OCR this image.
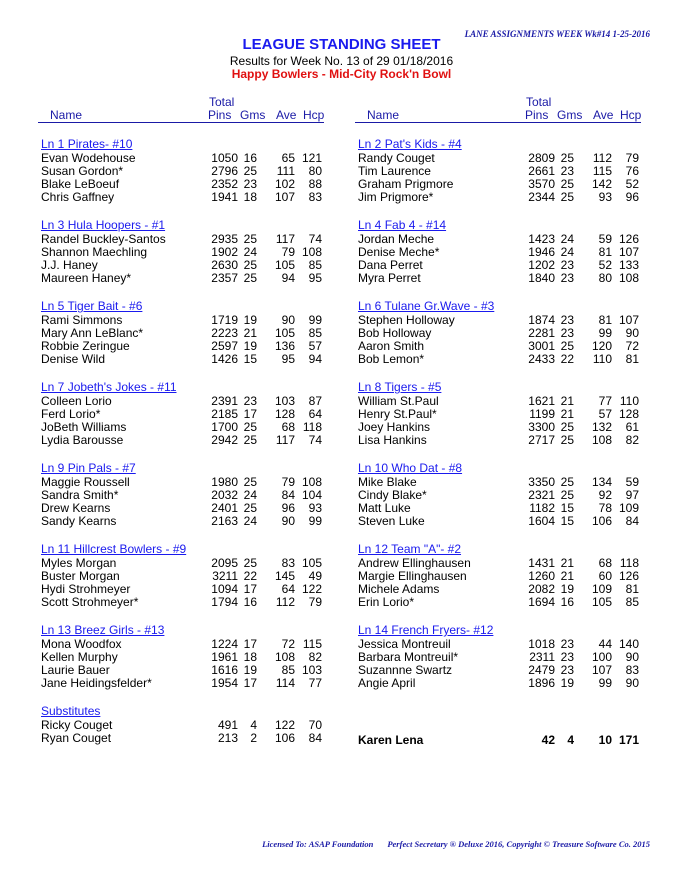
LANE ASSIGNMENTS WEEK Wk#14 1-25-2016
LEAGUE STANDING SHEET
Results for Week No. 13 of 29 01/18/2016
Happy Bowlers - Mid-City Rock'n Bowl
Total
Name	Pins Gms Ave Hcp
Ln 1 Pirates- #10
Evan Wodehouse	1050 16 65 121
Susan Gordon*	2796 25 111 80
Blake LeBoeuf	2352 23 102 88
Chris Gaffney	1941 18 107 83
Ln 3 Hula Hoopers - #1
Randel Buckley-Santos	2935 25 117 74
Shannon Maechling	1902 24 79 108
J.J. Haney	2630 25 105 85
Maureen Haney*	2357 25 94 95
Ln 5 Tiger Bait - #6
Rami Simmons	1719 19 90 99
Mary Ann LeBlanc*	2223 21 105 85
Robbie Zeringue	2597 19 136 57
Denise Wild	1426 15 95 94
Ln 7 Jobeth's Jokes - #11
Colleen Lorio	2391 23 103 87
Ferd Lorio*	2185 17 128 64
JoBeth Williams	1700 25 68 118
Lydia Barousse	2942 25 117 74
Ln 9 Pin Pals - #7
Maggie Roussell	1980 25 79 108
Sandra Smith*	2032 24 84 104
Drew Kearns	2401 25 96 93
Sandy Kearns	2163 24 90 99
Ln 11 Hillcrest Bowlers - #9
Myles Morgan	2095 25 83 105
Buster Morgan	3211 22 145 49
Hydi Strohmeyer	1094 17 64 122
Scott Strohmeyer*	1794 16 112 79
Ln 13 Breez Girls - #13
Mona Woodfox	1224 17 72 115
Kellen Murphy	1961 18 108 82
Laurie Bauer	1616 19 85 103
Jane Heidingsfelder*	1954 17 114 77
Substitutes
Ricky Couget	491 4 122 70
Ryan Couget	213 2 106 84
Total
Name	Pins Gms Ave Hcp
Ln 2 Pat's Kids - #4
Randy Couget	2809 25 112 79
Tim Laurence	2661 23 115 76
Graham Prigmore	3570 25 142 52
Jim Prigmore*	2344 25 93 96
Ln 4 Fab 4 - #14
Jordan Meche	1423 24 59 126
Denise Meche*	1946 24 81 107
Dana Perret	1202 23 52 133
Myra Perret	1840 23 80 108
Ln 6 Tulane Gr.Wave - #3
Stephen Holloway	1874 23 81 107
Bob Holloway	2281 23 99 90
Aaron Smith	3001 25 120 72
Bob Lemon*	2433 22 110 81
Ln 8 Tigers - #5
William St.Paul	1621 21 77 110
Henry St.Paul*	1199 21 57 128
Joey Hankins	3300 25 132 61
Lisa Hankins	2717 25 108 82
Ln 10 Who Dat - #8
Mike Blake	3350 25 134 59
Cindy Blake*	2321 25 92 97
Matt Luke	1182 15 78 109
Steven Luke	1604 15 106 84
Ln 12 Team "A"- #2
Andrew Ellinghausen	1431 21 68 118
Margie Ellinghausen	1260 21 60 126
Michele Adams	2082 19 109 81
Erin Lorio*	1694 16 105 85
Ln 14 French Fryers- #12
Jessica Montreuil	1018 23 44 140
Barbara Montreuil*	2311 23 100 90
Suzannne Swartz	2479 23 107 83
Angie April	1896 19 99 90
Karen Lena	42 4 10 171
Licensed To: ASAP Foundation Perfect Secretary ® Deluxe 2016, Copyright © Treasure Software Co. 2015
